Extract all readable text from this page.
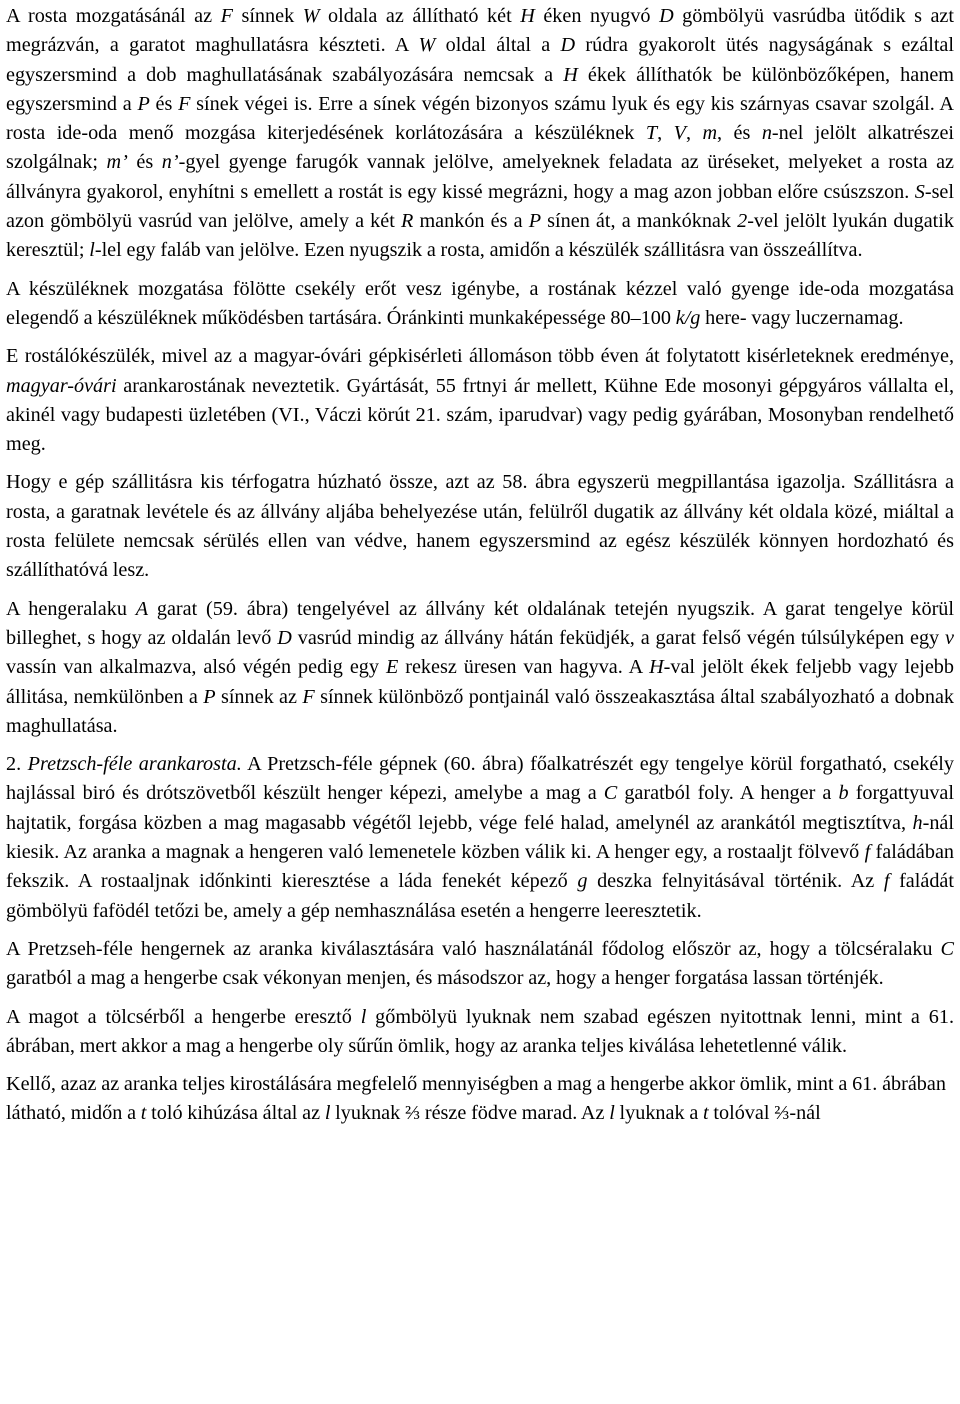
A rosta mozgatásánál az F sínnek W oldala az állítható két H éken nyugvó D gömbölyü vasrúdba ütődik s azt megrázván, a garatot maghullatásra készteti. A W oldal által a D rúdra gyakorolt ütés nagyságának s ezáltal egyszersmind a dob maghullatásának szabályozására nemcsak a H ékek állíthatók be különbözőképen, hanem egyszersmind a P és F sínek végei is. Erre a sínek végén bizonyos számu lyuk és egy kis szárnyas csavar szolgál. A rosta ide-oda menő mozgása kiterjedésének korlátozására a készüléknek T, V, m, és n-nel jelölt alkatrészei szolgálnak; m’ és n’-gyel gyenge farugók vannak jelölve, amelyeknek feladata az üréseket, melyeket a rosta az állványra gyakorol, enyhítni s emellett a rostát is egy kissé megrázni, hogy a mag azon jobban előre csúszszon. S-sel azon gömbölyü vasrúd van jelölve, amely a két R mankón és a P sínen át, a mankóknak 2-vel jelölt lyukán dugatik keresztül; l-lel egy faláb van jelölve. Ezen nyugszik a rosta, amidőn a készülék szállitásra van összeállítva.

A készüléknek mozgatása fölötte csekély erőt vesz igénybe, a rostának kézzel való gyenge ide-oda mozgatása elegendő a készüléknek működésben tartására. Óránkinti munkaképessége 80–100 k/g here- vagy luczernamag.

E rostálókészülék, mivel az a magyar-óvári gépkisérleti állomáson több éven át folytatott kisérleteknek eredménye, magyar-óvári arankarostának neveztetik. Gyártását, 55 frtnyi ár mellett, Kühne Ede mosonyi gépgyáros vállalta el, akinél vagy budapesti üzletében (VI., Váczi körút 21. szám, iparudvar) vagy pedig gyárában, Mosonyban rendelhető meg.

Hogy e gép szállitásra kis térfogatra húzható össze, azt az 58. ábra egyszerü megpillantása igazolja. Szállitásra a rosta, a garatnak levétele és az állvány aljába behelyezése után, felülről dugatik az állvány két oldala közé, miáltal a rosta felülete nemcsak sérülés ellen van védve, hanem egyszersmind az egész készülék könnyen hordozható és szállíthatóvá lesz.

A hengeralaku A garat (59. ábra) tengelyével az állvány két oldalának tetején nyugszik. A garat tengelye körül billeghet, s hogy az oldalán levő D vasrúd mindig az állvány hátán feküdjék, a garat felső végén túlsúlyképen egy v vassín van alkalmazva, alsó végén pedig egy E rekesz üresen van hagyva. A H-val jelölt ékek feljebb vagy lejebb állitása, nemkülönben a P sínnek az F sínnek különböző pontjainál való összeakasztása által szabályozható a dobnak maghullatása.

2. Pretzsch-féle arankarosta. A Pretzsch-féle gépnek (60. ábra) főalkatrészét egy tengelye körül forgatható, csekély hajlással biró és drótszövetből készült henger képezi, amelybe a mag a C garatból foly. A henger a b forgattyuval hajtatik, forgása közben a mag magasabb végétől lejebb, vége felé halad, amelynél az arankától megtisztítva, h-nál kiesik. Az aranka a magnak a hengeren való lemenetele közben válik ki. A henger egy, a rostaaljt fölvevő f faládában fekszik. A rostaaljnak időnkinti kieresztése a láda fenekét képező g deszka felnyitásával történik. Az f faládát gömbölyü fafödél tetőzi be, amely a gép nemhasználása esetén a hengerre leeresztetik.

A Pretzseh-féle hengernek az aranka kiválasztására való használatánál fődolog először az, hogy a tölcséralaku C garatból a mag a hengerbe csak vékonyan menjen, és másodszor az, hogy a henger forgatása lassan történjék.

A magot a tölcsérből a hengerbe eresztő l gőmbölyü lyuknak nem szabad egészen nyitottnak lenni, mint a 61. ábrában, mert akkor a mag a hengerbe oly sűrűn ömlik, hogy az aranka teljes kiválása lehetetlenné válik.

Kellő, azaz az aranka teljes kirostálására megfelelő mennyiségben a mag a hengerbe akkor ömlik, mint a 61. ábrában látható, midőn a t toló kihúzása által az l lyuknak ⅔ része födve marad. Az l lyuknak a t tolóval ⅔-nál
